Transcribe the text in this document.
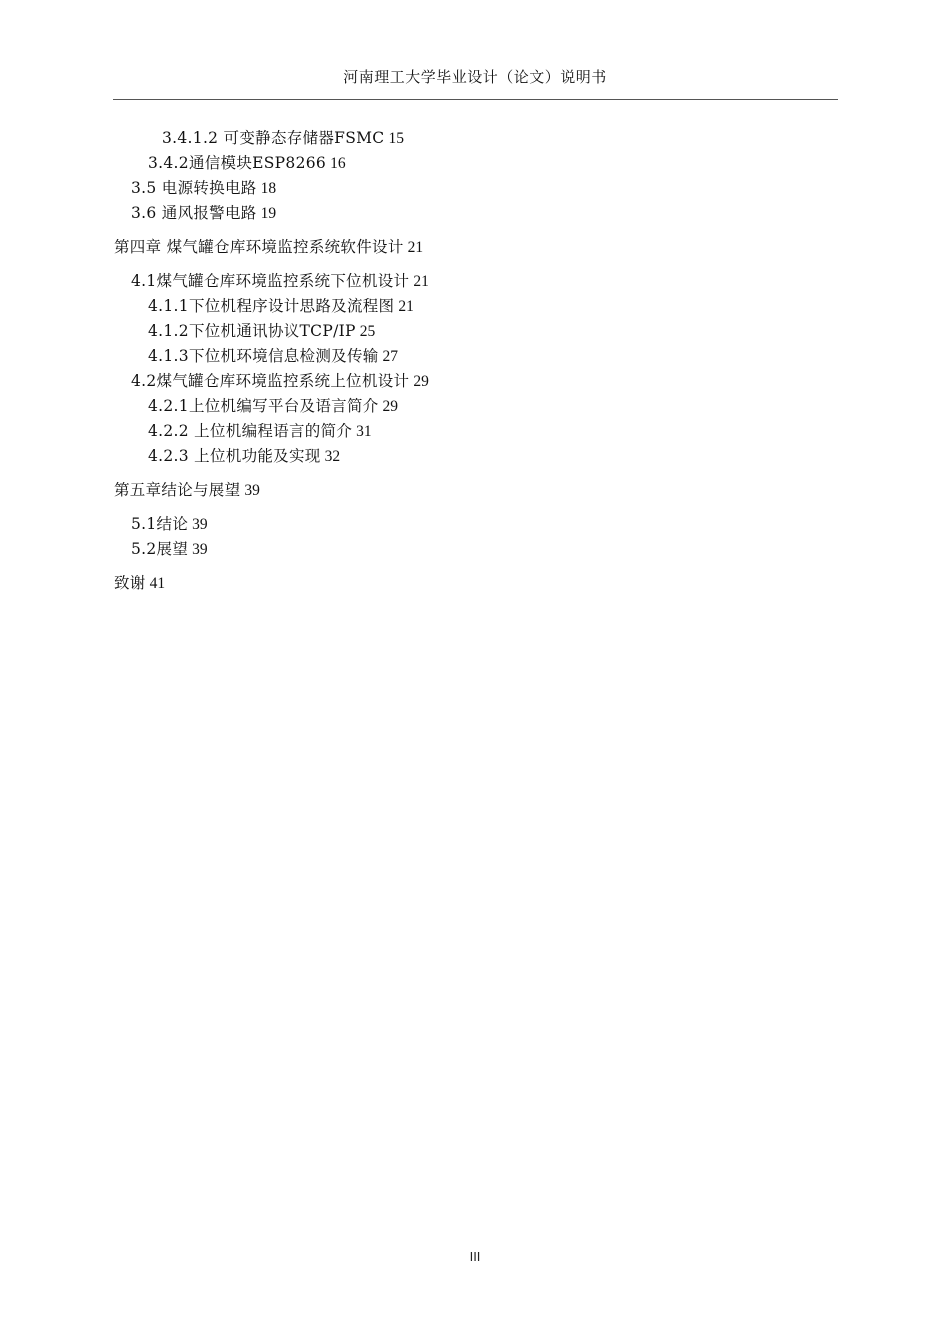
河南理工大学毕业设计（论文）说明书
3.4.1.2 可变静态存储器FSMC 15
3.4.2通信模块ESP8266 16
3.5 电源转换电路 18
3.6 通风报警电路 19
第四章 煤气罐仓库环境监控系统软件设计 21
4.1煤气罐仓库环境监控系统下位机设计 21
4.1.1下位机程序设计思路及流程图 21
4.1.2下位机通讯协议TCP/IP 25
4.1.3下位机环境信息检测及传输 27
4.2煤气罐仓库环境监控系统上位机设计 29
4.2.1上位机编写平台及语言简介 29
4.2.2 上位机编程语言的简介 31
4.2.3 上位机功能及实现 32
第五章结论与展望 39
5.1结论 39
5.2展望 39
致谢 41
III
